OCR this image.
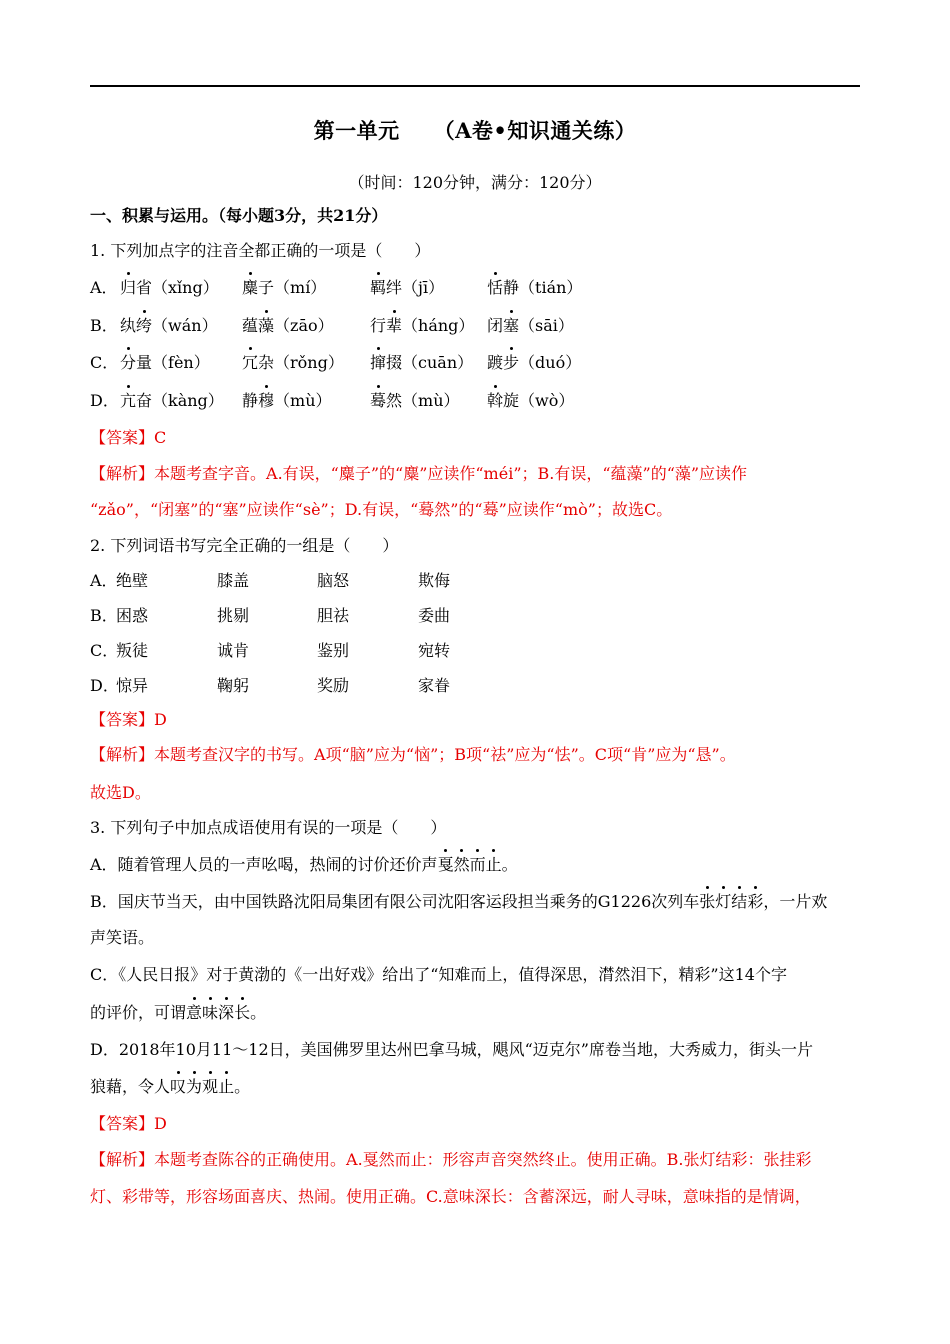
第一单元 （A卷•知识通关练）
（时间：120分钟，满分：120分）
一、积累与运用。（每小题3分，共21分）
1. 下列加点字的注音全都正确的一项是（　　）
A． 归省（xǐng） 麋子（mí）	羁绊（jī）	恬静（tián）
B． 纨绔（wán） 蕴藻（zāo） 行辈（háng） 闭塞（sāi）
C． 分量（fèn） 冗杂（rǒng） 撺掇（cuān） 踱步（duó）
D． 亢奋（kàng） 静穆（mù） 蓦然（mù） 斡旋（wò）
【答案】C
【解析】本题考查字音。A.有误，“麋子”的“麋”应读作“méi”；B.有误，“蕴藻”的“藻”应读作
“zǎo”，“闭塞”的“塞”应读作“sè”；D.有误，“蓦然”的“蓦”应读作“mò”；故选C。
2. 下列词语书写完全正确的一组是（　　）
A．
绝壁	膝盖	脑怒	欺侮
B．
困惑	挑剔	胆祛	委曲
C．
叛徒	诚肯	鉴别	宛转
D．
惊异	鞠躬	奖励	家眷
【答案】D
【解析】本题考查汉字的书写。A项“脑”应为“恼”；B项“祛”应为“怯”。C项“肯”应为“恳”。
故选D。
3. 下列句子中加点成语使用有误的一项是（　　）
A．随着管理人员的一声吆喝，热闹的讨价还价声戛然而止。
B．国庆节当天，由中国铁路沈阳局集团有限公司沈阳客运段担当乘务的G1226次列车张灯结彩，一片欢
声笑语。
C．《人民日报》对于黄渤的《一出好戏》给出了“知难而上，值得深思，潸然泪下，精彩”这14个字
的评价，可谓意味深长。
D．2018年10月11～12日，美国佛罗里达州巴拿马城，飓风“迈克尔”席卷当地，大秀威力，街头一片
狼藉，令人叹为观止。
【答案】D
【解析】本题考查陈谷的正确使用。A.戛然而止：形容声音突然终止。使用正确。B.张灯结彩：张挂彩
灯、彩带等，形容场面喜庆、热闹。使用正确。C.意味深长：含蓄深远，耐人寻味，意味指的是情调，
